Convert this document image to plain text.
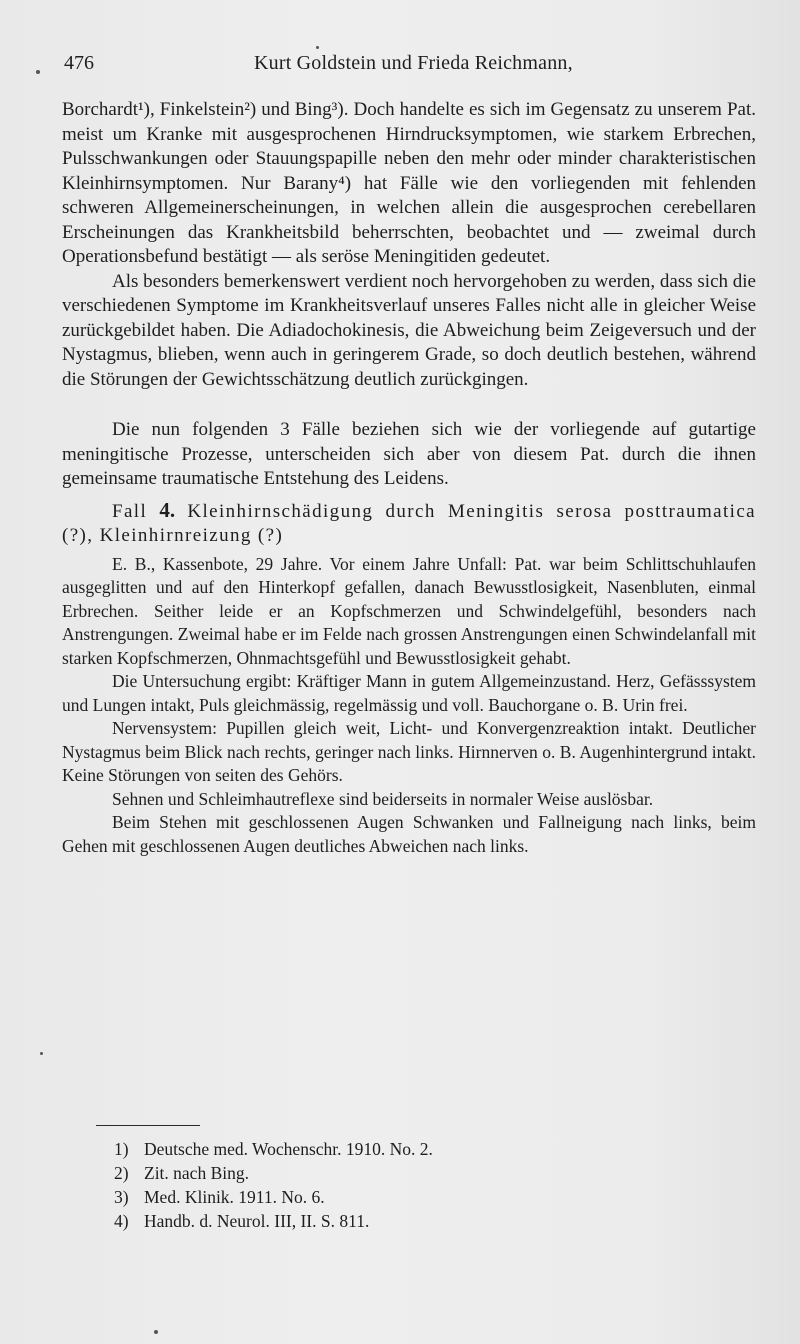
476	Kurt Goldstein und Frieda Reichmann,

Borchardt¹), Finkelstein²) und Bing³). Doch handelte es sich im Gegensatz zu unserem Pat. meist um Kranke mit ausgesprochenen Hirndrucksymptomen, wie starkem Erbrechen, Pulsschwankungen oder Stauungspapille neben den mehr oder minder charakteristischen Kleinhirnsymptomen. Nur Barany⁴) hat Fälle wie den vorliegenden mit fehlenden schweren Allgemeinerscheinungen, in welchen allein die ausgesprochen cerebellaren Erscheinungen das Krankheitsbild beherrschten, beobachtet und — zweimal durch Operationsbefund bestätigt — als seröse Meningitiden gedeutet.

Als besonders bemerkenswert verdient noch hervorgehoben zu werden, dass sich die verschiedenen Symptome im Krankheitsverlauf unseres Falles nicht alle in gleicher Weise zurückgebildet haben. Die Adiadochokinesis, die Abweichung beim Zeigeversuch und der Nystagmus, blieben, wenn auch in geringerem Grade, so doch deutlich bestehen, während die Störungen der Gewichtsschätzung deutlich zurückgingen.

Die nun folgenden 3 Fälle beziehen sich wie der vorliegende auf gutartige meningitische Prozesse, unterscheiden sich aber von diesem Pat. durch die ihnen gemeinsame traumatische Entstehung des Leidens.

Fall 4. Kleinhirnschädigung durch Meningitis serosa posttraumatica (?), Kleinhirnreizung (?)

E. B., Kassenbote, 29 Jahre. Vor einem Jahre Unfall: Pat. war beim Schlittschuhlaufen ausgeglitten und auf den Hinterkopf gefallen, danach Bewusstlosigkeit, Nasenbluten, einmal Erbrechen. Seither leide er an Kopfschmerzen und Schwindelgefühl, besonders nach Anstrengungen. Zweimal habe er im Felde nach grossen Anstrengungen einen Schwindelanfall mit starken Kopfschmerzen, Ohnmachtsgefühl und Bewusstlosigkeit gehabt.

Die Untersuchung ergibt: Kräftiger Mann in gutem Allgemeinzustand. Herz, Gefässsystem und Lungen intakt, Puls gleichmässig, regelmässig und voll. Bauchorgane o. B. Urin frei.

Nervensystem: Pupillen gleich weit, Licht- und Konvergenzreaktion intakt. Deutlicher Nystagmus beim Blick nach rechts, geringer nach links. Hirnnerven o. B. Augenhintergrund intakt. Keine Störungen von seiten des Gehörs.

Sehnen und Schleimhautreflexe sind beiderseits in normaler Weise auslösbar.

Beim Stehen mit geschlossenen Augen Schwanken und Fallneigung nach links, beim Gehen mit geschlossenen Augen deutliches Abweichen nach links.

1) Deutsche med. Wochenschr. 1910. No. 2.
2) Zit. nach Bing.
3) Med. Klinik. 1911. No. 6.
4) Handb. d. Neurol. III, II. S. 811.
